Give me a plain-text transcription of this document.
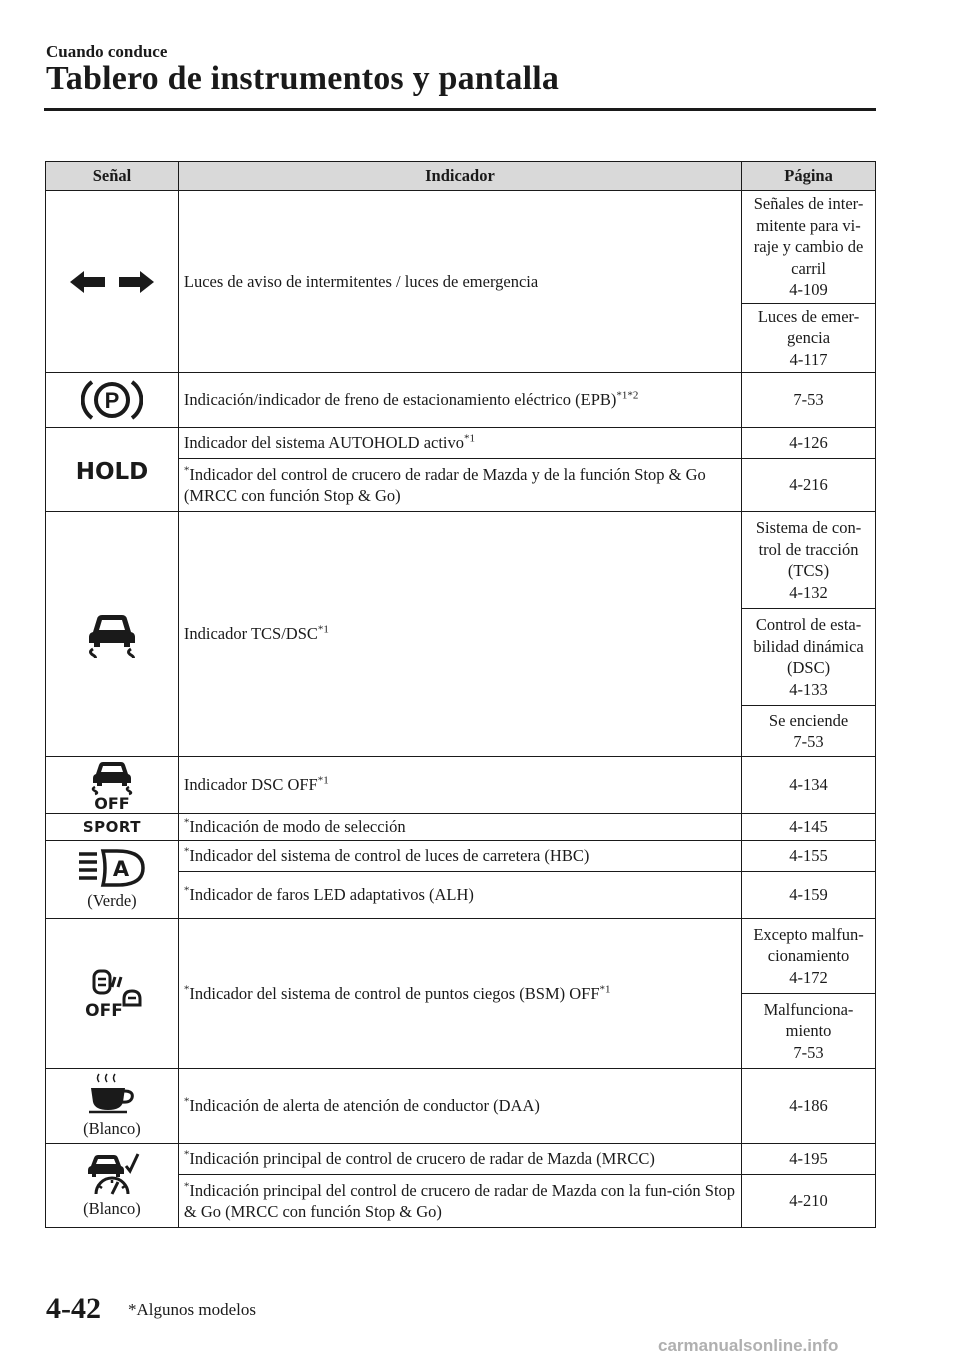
Cuando conduce
Tablero de instrumentos y pantalla
Señal	Indicador	Página

	Luces de aviso de intermitentes / luces de emergencia	Señales de inter-
mitente para vi-
raje y cambio de
carril
4-109
		Luces de emer-
gencia
4-117

P	Indicación/indicador de freno de estacionamiento eléctrico (EPB)$^{*1*2}$	7-53

HOLD	Indicador del sistema AUTOHOLD activo$^{*1}$	4-126
	*Indicador del control de crucero de radar de Mazda y de la función Stop & Go (MRCC con función Stop & Go)	4-216

	Indicador TCS/DSC$^{*1}$	Sistema de con-
trol de tracción
(TCS)
4-132
		Control de esta-
bilidad dinámica
(DSC)
4-133
		Se enciende
7-53

OFF	Indicador DSC OFF$^{*1}$	4-134
SPORT	*Indicación de modo de selección	4-145

A
(Verde)	*Indicador del sistema de control de luces de carretera (HBC)	4-155
	*Indicador de faros LED adaptativos (ALH)	4-159

OFF	*Indicador del sistema de control de puntos ciegos (BSM) OFF$^{*1}$	Excepto malfun-
cionamiento
4-172
		Malfunciona-
miento
7-53

(Blanco)	*Indicación de alerta de atención de conductor (DAA)	4-186

(Blanco)	*Indicación principal de control de crucero de radar de Mazda (MRCC)	4-195
	*Indicación principal del control de crucero de radar de Mazda con la fun-ción Stop & Go (MRCC con función Stop & Go)	4-210
4-42 *Algunos modelos
carmanualsonline.info
